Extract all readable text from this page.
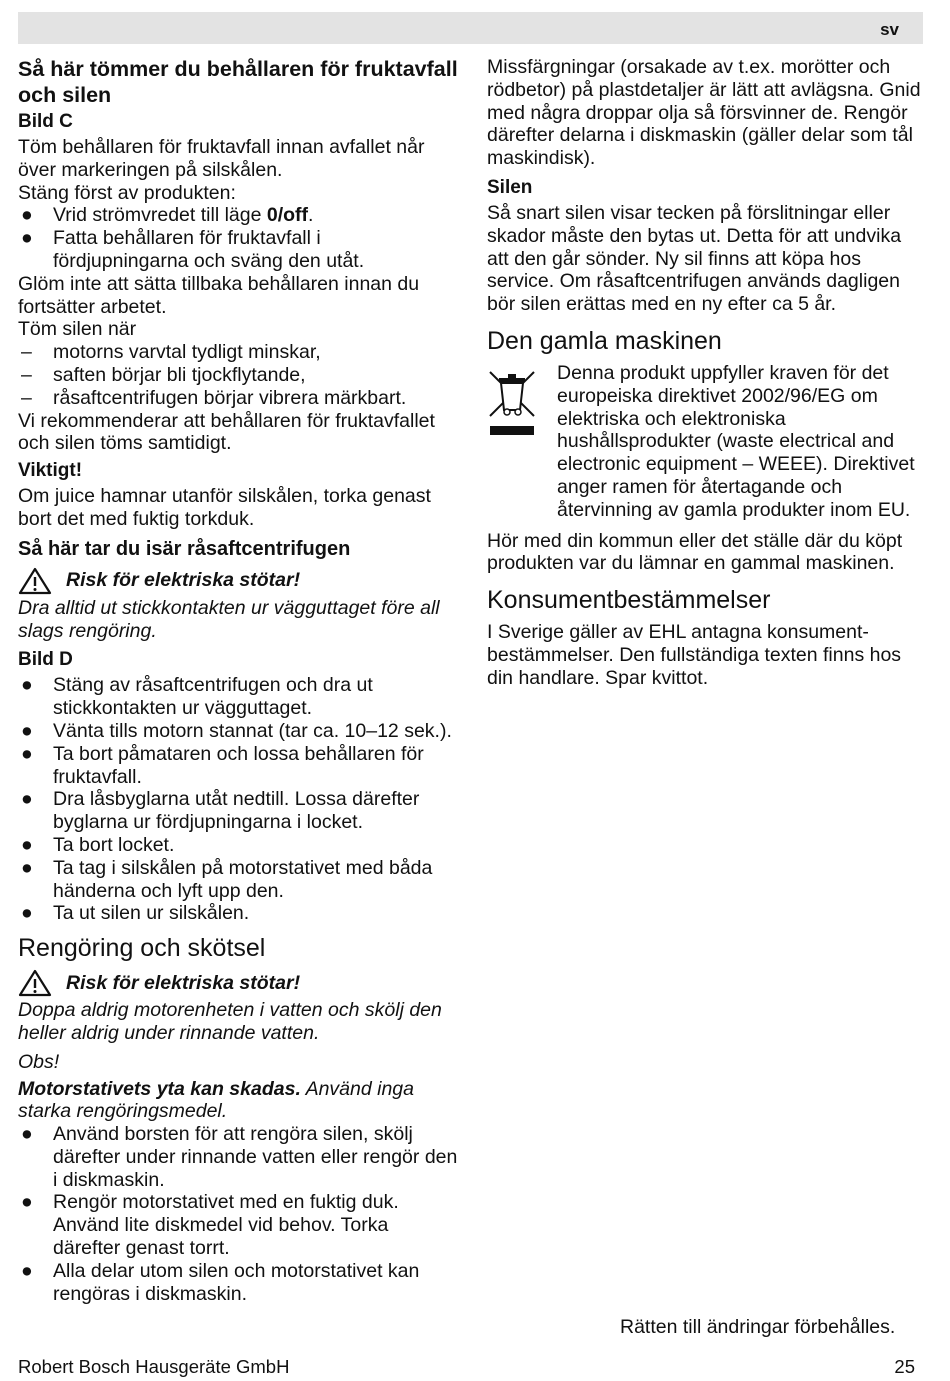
sv

Så här tömmer du behållaren för fruktavfall och silen

Bild C

Töm behållaren för fruktavfall innan avfallet når över markeringen på silskålen.

Stäng först av produkten:

● Vrid strömvredet till läge 0/off.
● Fatta behållaren för fruktavfall i fördjupningarna och sväng den utåt.

Glöm inte att sätta tillbaka behållaren innan du fortsätter arbetet.

Töm silen när

– motorns varvtal tydligt minskar,
– saften börjar bli tjockflytande,
– råsaftcentrifugen börjar vibrera märkbart.

Vi rekommenderar att behållaren för fruktavfallet och silen töms samtidigt.

Viktigt!

Om juice hamnar utanför silskålen, torka genast bort det med fuktig torkduk.

Så här tar du isär råsaftcentrifugen

Risk för elektriska stötar!

Dra alltid ut stickkontakten ur vägguttaget före all slags rengöring.

Bild D

● Stäng av råsaftcentrifugen och dra ut stickkontakten ur vägguttaget.
● Vänta tills motorn stannat (tar ca. 10–12 sek.).
● Ta bort påmataren och lossa behållaren för fruktavfall.
● Dra låsbyglarna utåt nedtill. Lossa därefter byglarna ur fördjupningarna i locket.
● Ta bort locket.
● Ta tag i silskålen på motorstativet med båda händerna och lyft upp den.
● Ta ut silen ur silskålen.

Rengöring och skötsel

Risk för elektriska stötar!

Doppa aldrig motorenheten i vatten och skölj den heller aldrig under rinnande vatten.

Obs!

Motorstativets yta kan skadas. Använd inga starka rengöringsmedel.

● Använd borsten för att rengöra silen, skölj därefter under rinnande vatten eller rengör den i diskmaskin.
● Rengör motorstativet med en fuktig duk. Använd lite diskmedel vid behov. Torka därefter genast torrt.
● Alla delar utom silen och motorstativet kan rengöras i diskmaskin.

Missfärgningar (orsakade av t.ex. morötter och rödbetor) på plastdetaljer är lätt att avlägsna. Gnid med några droppar olja så försvinner de. Rengör därefter delarna i diskmaskin (gäller delar som tål maskindisk).

Silen

Så snart silen visar tecken på förslitningar eller skador måste den bytas ut. Detta för att undvika att den går sönder. Ny sil finns att köpa hos service. Om råsaftcentrifugen används dagligen bör silen erättas med en ny efter ca 5 år.

Den gamla maskinen

Denna produkt uppfyller kraven för det europeiska direktivet 2002/96/EG om elektriska och elektroniska hushållsprodukter (waste electrical and electronic equipment – WEEE). Direktivet anger ramen för återtagande och återvinning av gamla produkter inom EU.

Hör med din kommun eller det ställe där du köpt produkten var du lämnar en gammal maskinen.

Konsumentbestämmelser

I Sverige gäller av EHL antagna konsument-bestämmelser. Den fullständiga texten finns hos din handlare. Spar kvittot.

Rätten till ändringar förbehålles.

Robert Bosch Hausgeräte GmbH	25
